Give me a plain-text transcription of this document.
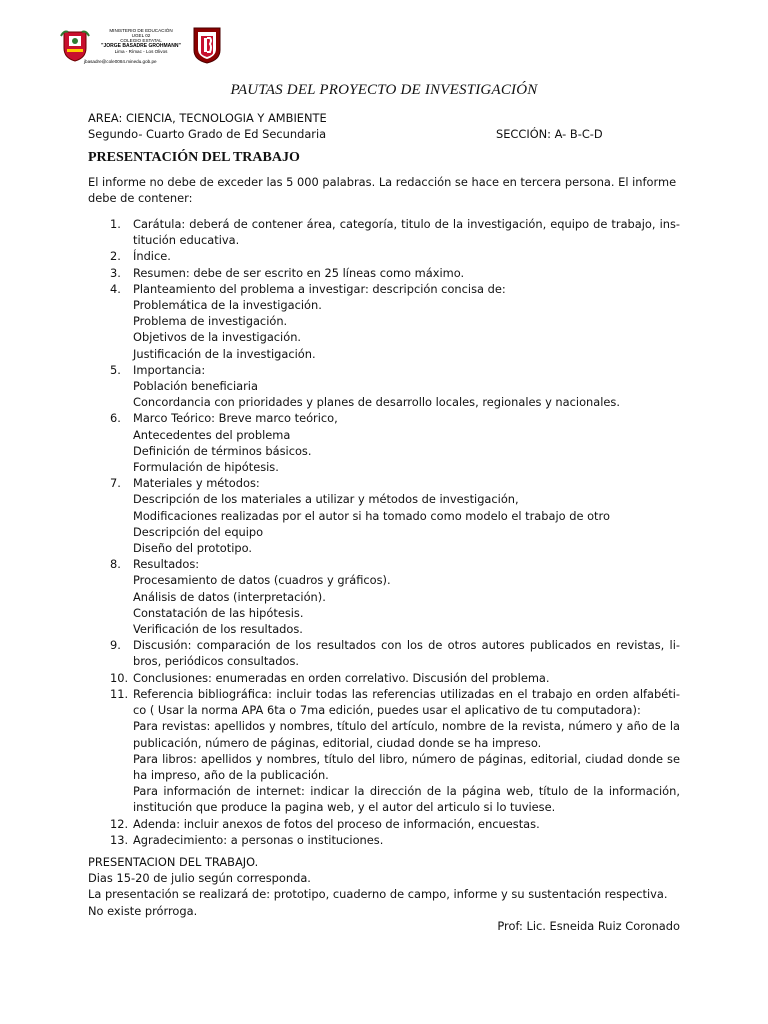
MINISTERIO DE EDUCACIÓN
UGEL 02
COLEGIO ESTATAL
"JORGE BASADRE GROHMANN"
Lima - Rímac - Los Olivos

jbasadre@cole0084.minedu.gob.pe
PAUTAS DEL PROYECTO DE INVESTIGACIÓN
AREA: CIENCIA, TECNOLOGIA Y AMBIENTE
Segundo- Cuarto Grado de Ed Secundaria	SECCIÓN: A- B-C-D
PRESENTACIÓN DEL TRABAJO
El informe no debe de exceder las 5 000 palabras. La redacción se hace en tercera persona. El informe debe de contener:
1. Carátula: deberá de contener área, categoría, titulo de la investigación, equipo de trabajo, ins-titución educativa.
2. Índice.
3. Resumen: debe de ser escrito en 25 líneas como máximo.
4. Planteamiento del problema a investigar: descripción concisa de:
Problemática de la investigación.
Problema de investigación.
Objetivos de la investigación.
Justificación de la investigación.
5. Importancia:
Población beneficiaria
Concordancia con prioridades y planes de desarrollo locales, regionales y nacionales.
6. Marco Teórico: Breve marco teórico,
Antecedentes del problema
Definición de términos básicos.
Formulación de hipótesis.
7. Materiales y métodos:
Descripción de los materiales a utilizar y métodos de investigación,
Modificaciones realizadas por el autor si ha tomado como modelo el trabajo de otro
Descripción del equipo
Diseño del prototipo.
8. Resultados:
Procesamiento de datos (cuadros y gráficos).
Análisis de datos (interpretación).
Constatación de las hipótesis.
Verificación de los resultados.
9. Discusión: comparación de los resultados con los de otros autores publicados en revistas, li-bros, periódicos consultados.
10. Conclusiones: enumeradas en orden correlativo. Discusión del problema.
11. Referencia bibliográfica: incluir todas las referencias utilizadas en el trabajo en orden alfabéti-co ( Usar la norma APA 6ta o 7ma edición, puedes usar el aplicativo de tu computadora):
Para revistas: apellidos y nombres, título del artículo, nombre de la revista, número y año de la publicación, número de páginas, editorial, ciudad donde se ha impreso.
Para libros: apellidos y nombres, título del libro, número de páginas, editorial, ciudad donde se ha impreso, año de la publicación.
Para información de internet: indicar la dirección de la página web, título de la información, institución que produce la pagina web, y el autor del articulo si lo tuviese.
12. Adenda: incluir anexos de fotos del proceso de información, encuestas.
13. Agradecimiento: a personas o instituciones.
PRESENTACION DEL TRABAJO.
Dias 15-20 de julio según corresponda.
La presentación se realizará de: prototipo, cuaderno de campo, informe y su sustentación respectiva.
No existe prórroga.
Prof: Lic. Esneida Ruiz Coronado
